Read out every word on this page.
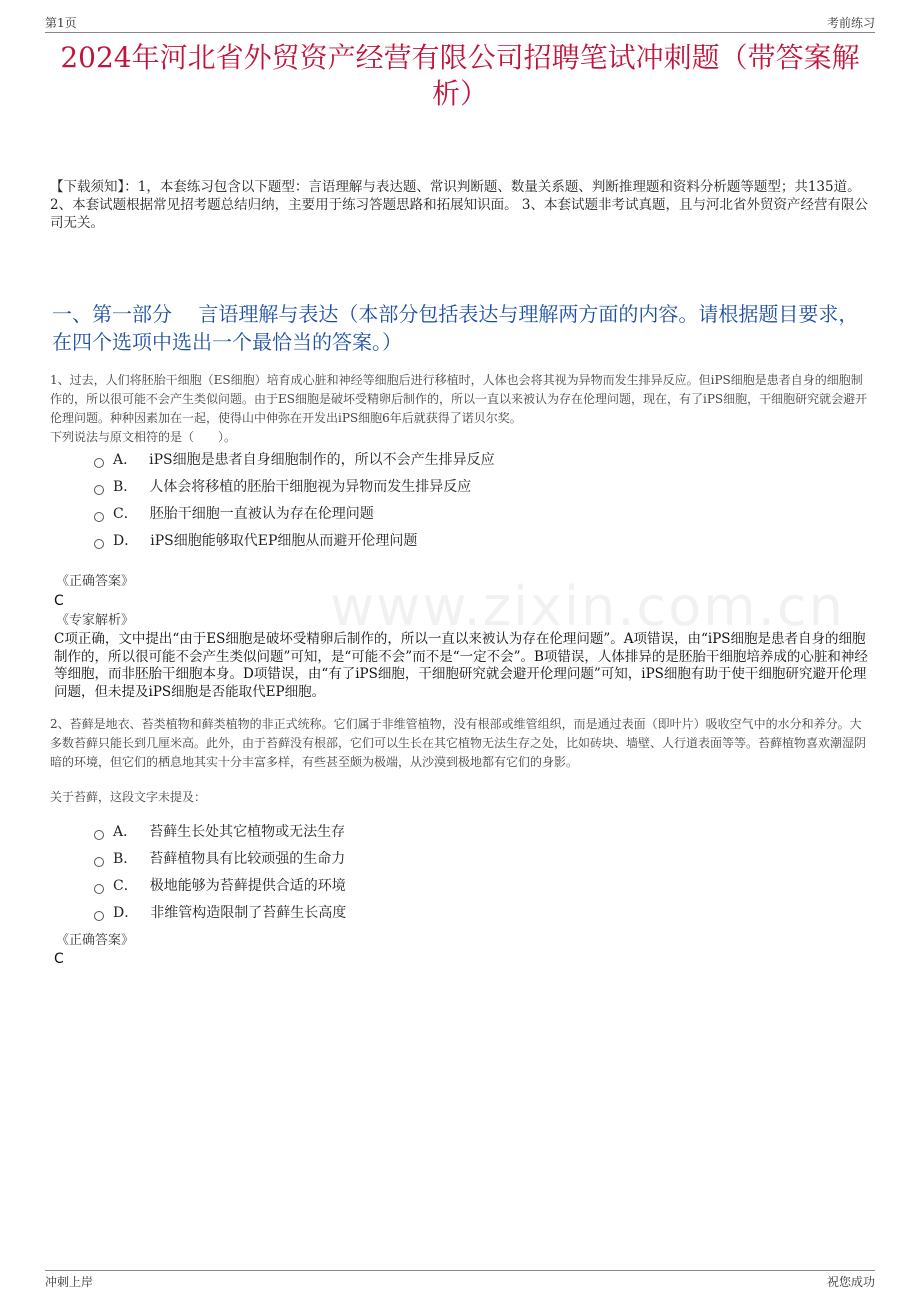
第1页	考前练习
2024年河北省外贸资产经营有限公司招聘笔试冲刺题（带答案解析）
【下载须知】：1，本套练习包含以下题型：言语理解与表达题、常识判断题、数量关系题、判断推理题和资料分析题等题型；共135道。 2、本套试题根据常见招考题总结归纳，主要用于练习答题思路和拓展知识面。 3、本套试题非考试真题，且与河北省外贸资产经营有限公司无关。
一、第一部分　 言语理解与表达（本部分包括表达与理解两方面的内容。请根据题目要求，在四个选项中选出一个最恰当的答案。）
www.zixin.com.cn
1、过去，人们将胚胎干细胞（ES细胞）培育成心脏和神经等细胞后进行移植时，人体也会将其视为异物而发生排异反应。但iPS细胞是患者自身的细胞制作的，所以很可能不会产生类似问题。由于ES细胞是破坏受精卵后制作的，所以一直以来被认为存在伦理问题，现在，有了iPS细胞，干细胞研究就会避开伦理问题。种种因素加在一起，使得山中伸弥在开发出iPS细胞6年后就获得了诺贝尔奖。
下列说法与原文相符的是（　　）。
A． iPS细胞是患者自身细胞制作的，所以不会产生排异反应
B． 人体会将移植的胚胎干细胞视为异物而发生排异反应
C． 胚胎干细胞一直被认为存在伦理问题
D． iPS细胞能够取代EP细胞从而避开伦理问题
《正确答案》
C
《专家解析》
C项正确，文中提出“由于ES细胞是破坏受精卵后制作的，所以一直以来被认为存在伦理问题”。A项错误，由“iPS细胞是患者自身的细胞制作的，所以很可能不会产生类似问题”可知，是“可能不会”而不是“一定不会”。B项错误，人体排异的是胚胎干细胞培养成的心脏和神经等细胞，而非胚胎干细胞本身。D项错误，由“有了iPS细胞，干细胞研究就会避开伦理问题”可知，iPS细胞有助于使干细胞研究避开伦理问题，但未提及iPS细胞是否能取代EP细胞。
2、苔藓是地衣、苔类植物和藓类植物的非正式统称。它们属于非维管植物，没有根部或维管组织，而是通过表面（即叶片）吸收空气中的水分和养分。大多数苔藓只能长到几厘米高。此外，由于苔藓没有根部，它们可以生长在其它植物无法生存之处，比如砖块、墙壁、人行道表面等等。苔藓植物喜欢潮湿阴暗的环境，但它们的栖息地其实十分丰富多样，有些甚至颇为极端，从沙漠到极地都有它们的身影。
关于苔藓，这段文字未提及：
A． 苔藓生长处其它植物或无法生存
B． 苔藓植物具有比较顽强的生命力
C． 极地能够为苔藓提供合适的环境
D． 非维管构造限制了苔藓生长高度
《正确答案》
C
冲刺上岸	祝您成功
